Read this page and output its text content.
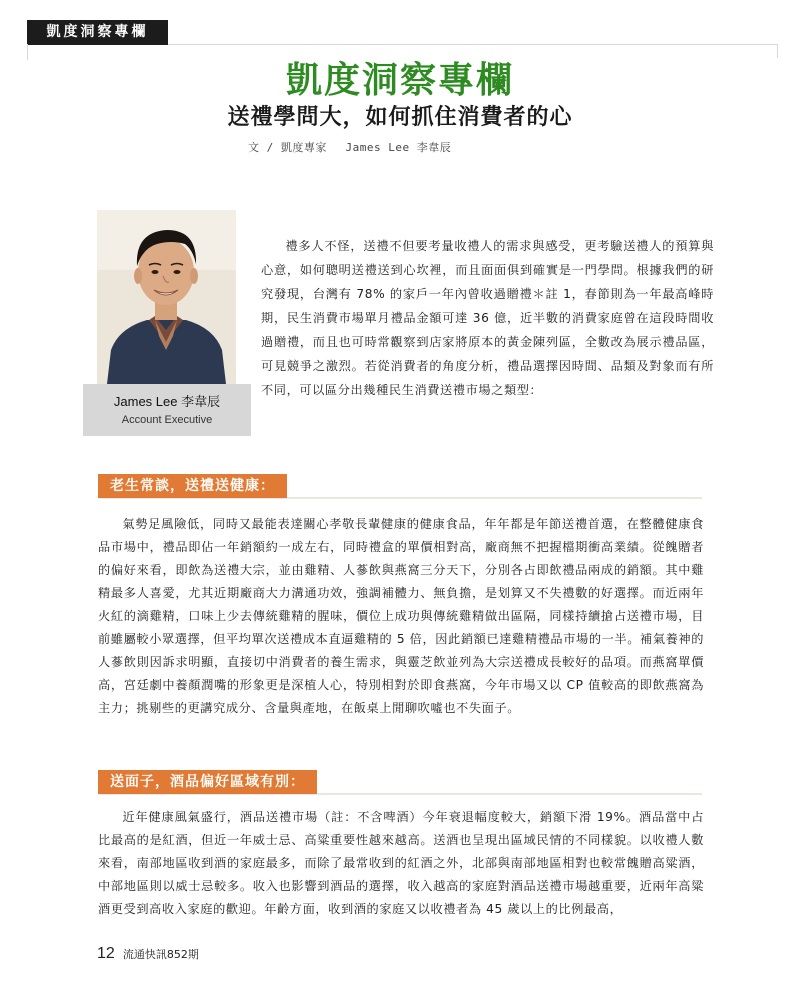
凱度洞察專欄
凱度洞察專欄
送禮學問大，如何抓住消費者的心
文 / 凱度專家　 James Lee 李韋辰
James Lee 李韋辰
Account Executive

禮多人不怪，送禮不但要考量收禮人的需求與感受，更考驗送禮人的預算與心意，如何聰明送禮送到心坎裡，而且面面俱到確實是一門學問。根據我們的研究發現，台灣有 78% 的家戶一年內曾收過贈禮＊註 1，春節則為一年最高峰時期，民生消費市場單月禮品金額可達 36 億，近半數的消費家庭曾在這段時間收過贈禮，而且也可時常觀察到店家將原本的黃金陳列區，全數改為展示禮品區，可見競爭之激烈。若從消費者的角度分析，禮品選擇因時間、品類及對象而有所不同，可以區分出幾種民生消費送禮市場之類型：

老生常談，送禮送健康：

氣勢足風險低，同時又最能表達關心孝敬長輩健康的健康食品，年年都是年節送禮首選，在整體健康食品市場中，禮品即佔一年銷額約一成左右，同時禮盒的單價相對高，廠商無不把握檔期衝高業績。從餽贈者的偏好來看，即飲為送禮大宗，並由雞精、人蔘飲與燕窩三分天下，分別各占即飲禮品兩成的銷額。其中雞精最多人喜愛，尤其近期廠商大力溝通功效，強調補體力、無負擔，是划算又不失禮數的好選擇。而近兩年火紅的滴雞精，口味上少去傳統雞精的腥味，價位上成功與傳統雞精做出區隔，同樣持續搶占送禮市場，目前雖屬較小眾選擇，但平均單次送禮成本直逼雞精的 5 倍，因此銷額已達雞精禮品市場的一半。補氣養神的人蔘飲則因訴求明顯，直接切中消費者的養生需求，與靈芝飲並列為大宗送禮成長較好的品項。而燕窩單價高，宮廷劇中養顏潤嘴的形象更是深植人心，特別相對於即食燕窩，今年市場又以 CP 值較高的即飲燕窩為主力；挑剔些的更講究成分、含量與產地，在飯桌上閒聊吹噓也不失面子。

送面子，酒品偏好區域有別：

近年健康風氣盛行，酒品送禮市場（註：不含啤酒）今年衰退幅度較大，銷額下滑 19%。酒品當中占比最高的是紅酒，但近一年威士忌、高粱重要性越來越高。送酒也呈現出區域民情的不同樣貌。以收禮人數來看，南部地區收到酒的家庭最多，而除了最常收到的紅酒之外，北部與南部地區相對也較常餽贈高粱酒，中部地區則以威士忌較多。收入也影響到酒品的選擇，收入越高的家庭對酒品送禮市場越重要，近兩年高粱酒更受到高收入家庭的歡迎。年齡方面，收到酒的家庭又以收禮者為 45 歲以上的比例最高，

12 流通快訊852期
